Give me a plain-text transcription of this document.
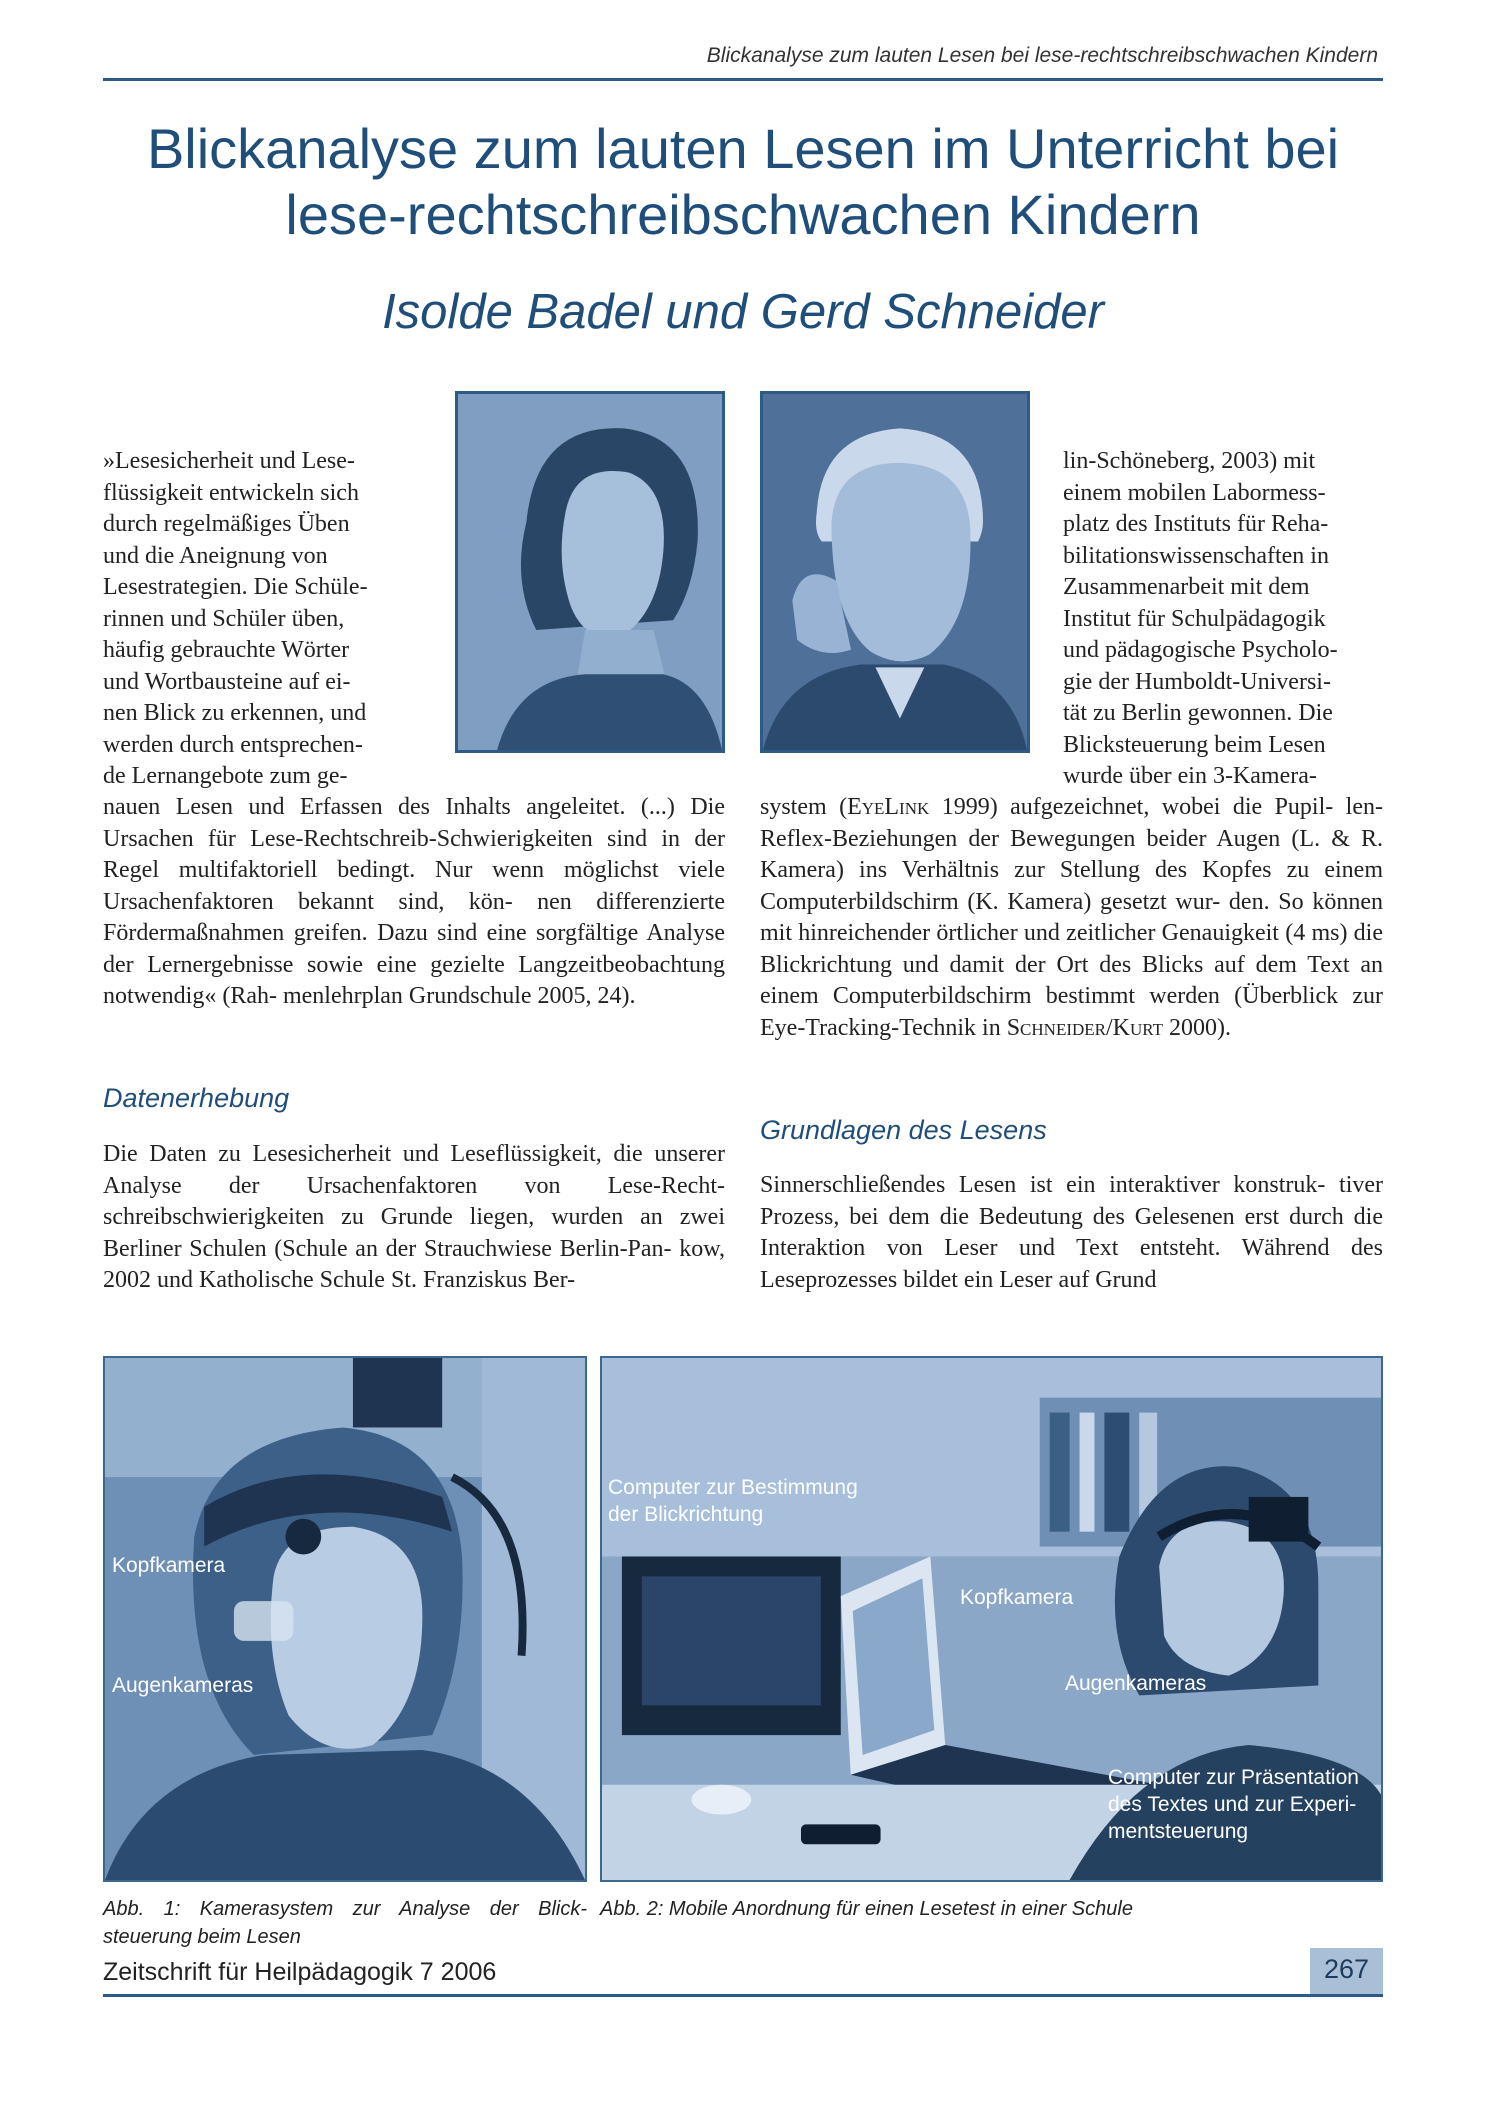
Blickanalyse zum lauten Lesen bei lese-rechtschreibschwachen Kindern
Blickanalyse zum lauten Lesen im Unterricht bei
lese-rechtschreibschwachen Kindern
Isolde Badel und Gerd Schneider
»Lesesicherheit und Lese-
flüssigkeit entwickeln sich
durch regelmäßiges Üben
und die Aneignung von
Lesestrategien. Die Schüle-
rinnen und Schüler üben,
häufig gebrauchte Wörter
und Wortbausteine auf ei-
nen Blick zu erkennen, und
werden durch entsprechen-
de Lernangebote zum ge-
nauen Lesen und Erfassen des Inhalts angeleitet. (...) Die Ursachen für Lese-Rechtschreib-Schwierigkeiten sind in der Regel multifaktoriell bedingt. Nur wenn möglichst viele Ursachenfaktoren bekannt sind, kön- nen differenzierte Fördermaßnahmen greifen. Dazu sind eine sorgfältige Analyse der Lernergebnisse sowie eine gezielte Langzeitbeobachtung notwendig« (Rah- menlehrplan Grundschule 2005, 24).
Datenerhebung
Die Daten zu Lesesicherheit und Leseflüssigkeit, die unserer Analyse der Ursachenfaktoren von Lese-Recht- schreibschwierigkeiten zu Grunde liegen, wurden an zwei Berliner Schulen (Schule an der Strauchwiese Berlin-Pan- kow, 2002 und Katholische Schule St. Franziskus Ber-
lin-Schöneberg, 2003) mit
einem mobilen Labormess-
platz des Instituts für Reha-
bilitationswissenschaften in
Zusammenarbeit mit dem
Institut für Schulpädagogik
und pädagogische Psycholo-
gie der Humboldt-Universi-
tät zu Berlin gewonnen. Die
Blicksteuerung beim Lesen
wurde über ein 3-Kamera-
system (EyeLink 1999) aufgezeichnet, wobei die Pupil- len-Reflex-Beziehungen der Bewegungen beider Augen (L. & R. Kamera) ins Verhältnis zur Stellung des Kopfes zu einem Computerbildschirm (K. Kamera) gesetzt wur- den. So können mit hinreichender örtlicher und zeitlicher Genauigkeit (4 ms) die Blickrichtung und damit der Ort des Blicks auf dem Text an einem Computerbildschirm bestimmt werden (Überblick zur Eye-Tracking-Technik in Schneider/Kurt 2000).
Grundlagen des Lesens
Sinnerschließendes Lesen ist ein interaktiver konstruk- tiver Prozess, bei dem die Bedeutung des Gelesenen erst durch die Interaktion von Leser und Text entsteht. Während des Leseprozesses bildet ein Leser auf Grund
Kopfkamera
Augenkameras
Computer zur Bestimmung
der Blickrichtung
Kopfkamera
Augenkameras
Computer zur Präsentation
des Textes und zur Experi-
mentsteuerung
Abb. 1: Kamerasystem zur Analyse der Blick- steuerung beim Lesen
Abb. 2: Mobile Anordnung für einen Lesetest in einer Schule
Zeitschrift für Heilpädagogik 7 2006	267
